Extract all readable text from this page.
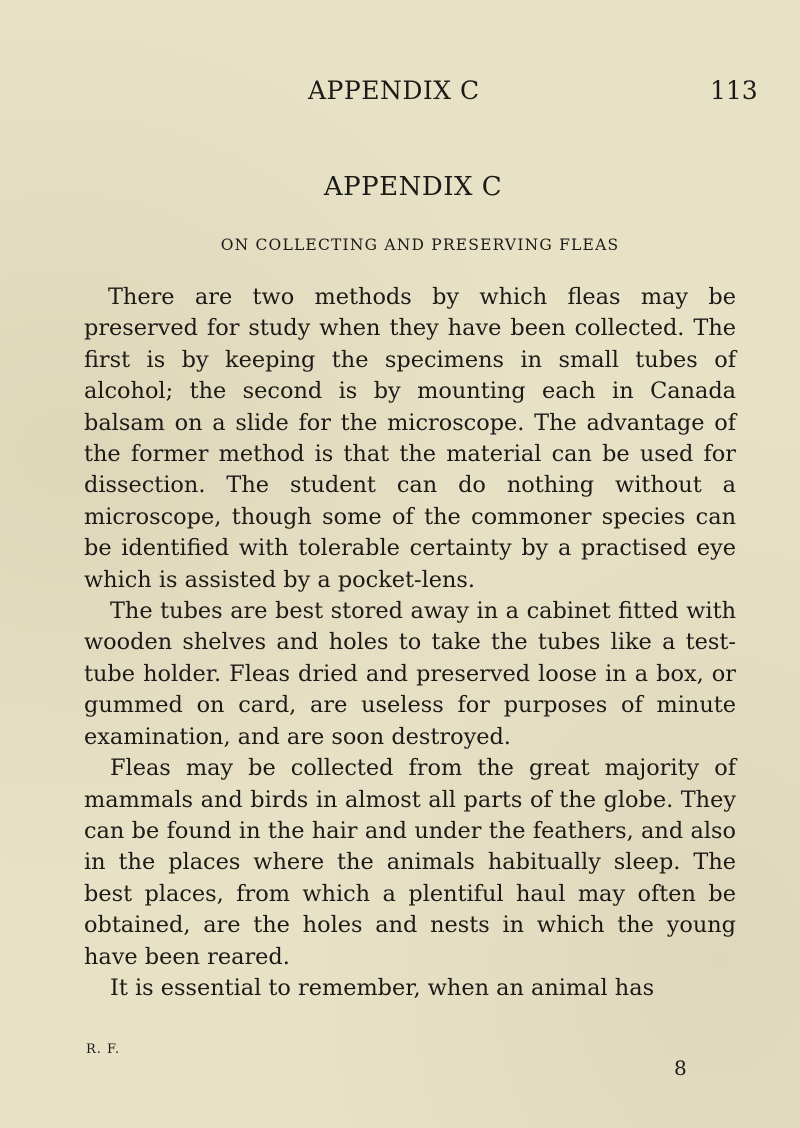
APPENDIX C	113
APPENDIX C
ON COLLECTING AND PRESERVING FLEAS

There are two methods by which fleas may be preserved for study when they have been collected. The first is by keeping the specimens in small tubes of alcohol; the second is by mounting each in Canada balsam on a slide for the microscope. The advantage of the former method is that the material can be used for dissection. The student can do nothing without a microscope, though some of the commoner species can be identified with tolerable certainty by a practised eye which is assisted by a pocket-lens.

The tubes are best stored away in a cabinet fitted with wooden shelves and holes to take the tubes like a test-tube holder. Fleas dried and preserved loose in a box, or gummed on card, are useless for purposes of minute examination, and are soon destroyed.

Fleas may be collected from the great majority of mammals and birds in almost all parts of the globe. They can be found in the hair and under the feathers, and also in the places where the animals habitually sleep. The best places, from which a plentiful haul may often be obtained, are the holes and nests in which the young have been reared.

It is essential to remember, when an animal has

R. F.
8
